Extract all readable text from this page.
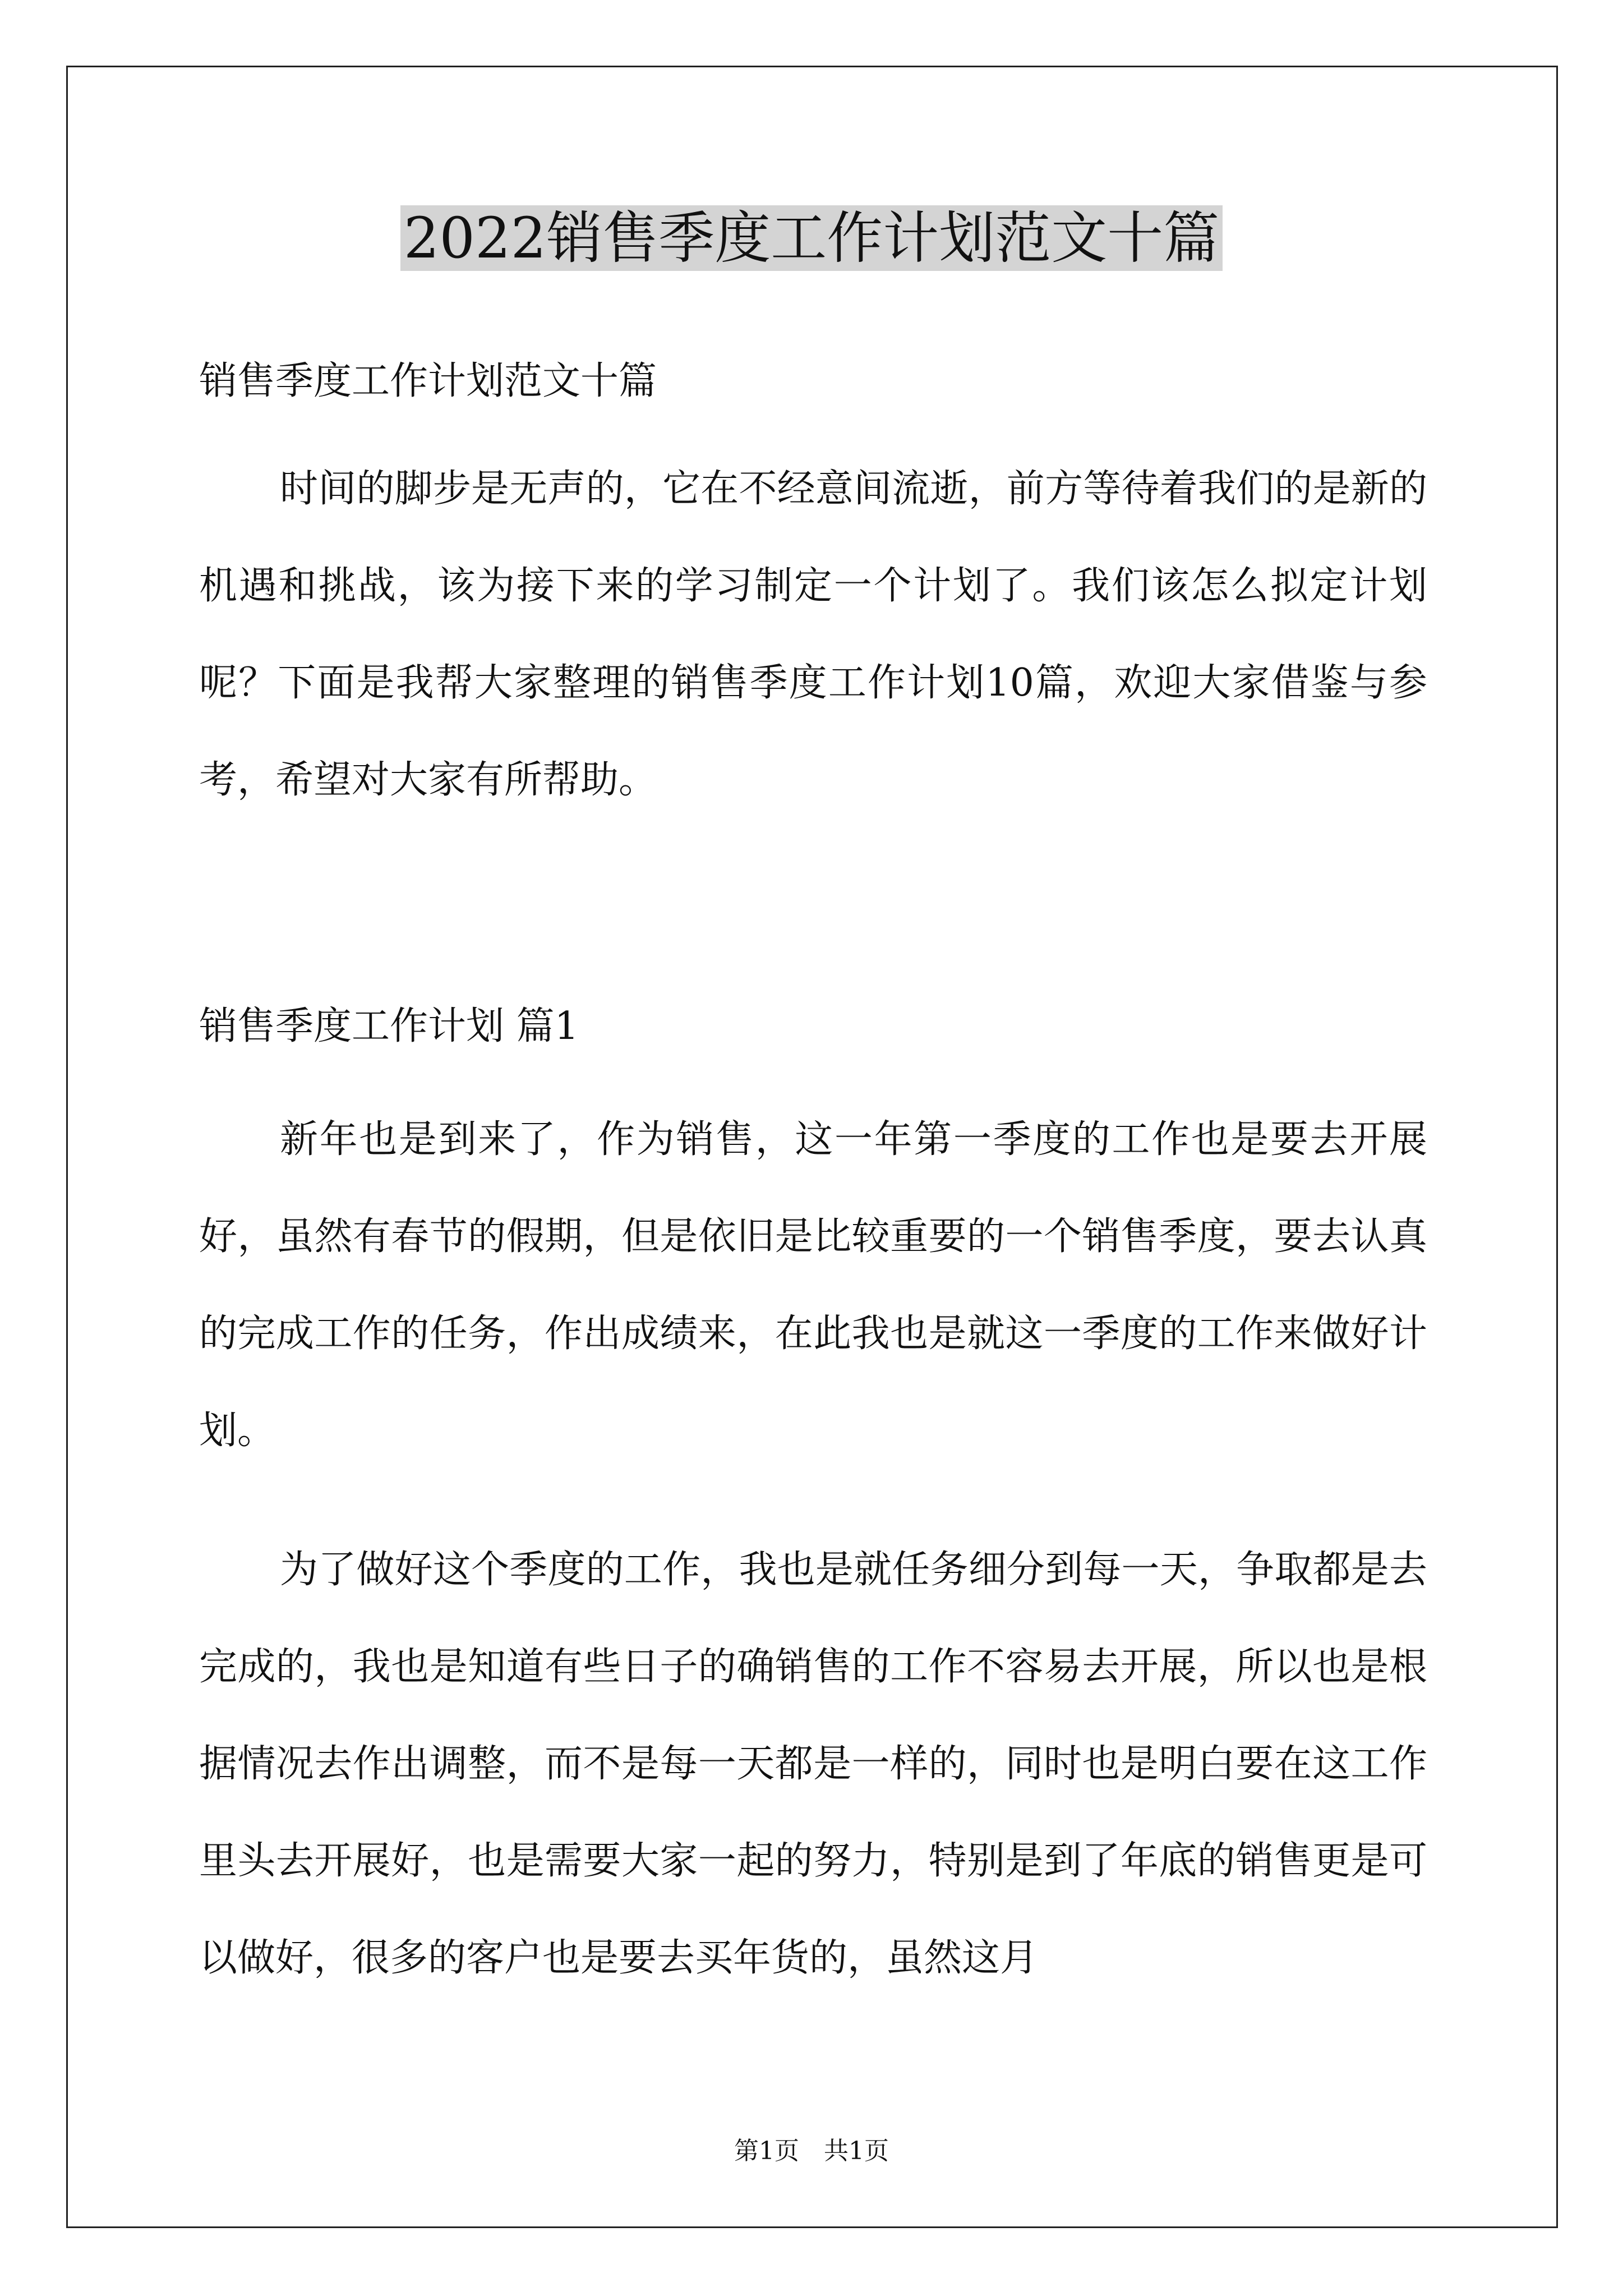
2022销售季度工作计划范文十篇

销售季度工作计划范文十篇

时间的脚步是无声的，它在不经意间流逝，前方等待着我们的是新的机遇和挑战，该为接下来的学习制定一个计划了。我们该怎么拟定计划呢？下面是我帮大家整理的销售季度工作计划10篇，欢迎大家借鉴与参考，希望对大家有所帮助。

销售季度工作计划 篇1

新年也是到来了，作为销售，这一年第一季度的工作也是要去开展好，虽然有春节的假期，但是依旧是比较重要的一个销售季度，要去认真的完成工作的任务，作出成绩来，在此我也是就这一季度的工作来做好计划。

为了做好这个季度的工作，我也是就任务细分到每一天，争取都是去完成的，我也是知道有些日子的确销售的工作不容易去开展，所以也是根据情况去作出调整，而不是每一天都是一样的，同时也是明白要在这工作里头去开展好，也是需要大家一起的努力，特别是到了年底的销售更是可以做好，很多的客户也是要去买年货的，虽然这月

第1页　共1页
